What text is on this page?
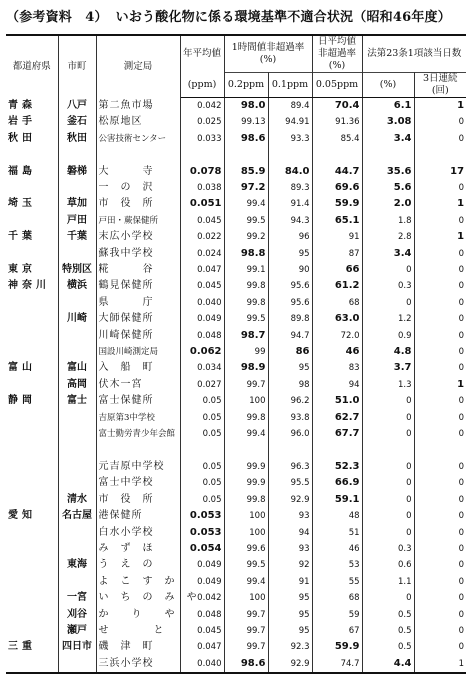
（参考資料　4） いおう酸化物に係る環境基準不適合状況（昭和46年度）
都道府県	市町	測定局	年平均値	1時間値非超過率
(%)		日平均値非超過率
(%)	法第23条1項該当日数	
			(ppm)	0.2ppm	0.1ppm	0.05ppm	(%)	3日連続
(回)
青森	八戸	第二魚市場	0.042	98.0	89.4	70.4	6.1	1
岩手	釜石	松原地区	0.025	99.13	94.91	91.36	3.08	0
秋田	秋田	公害技術センター	0.033	98.6	93.3	85.4	3.4	0

福島	磐梯	大　　　寺	0.078	85.9	84.0	44.7	35.6	17
		一　の　沢	0.038	97.2	89.3	69.6	5.6	0
埼玉	草加	市　役　所	0.051	99.4	91.4	59.9	2.0	1
	戸田	戸田・蕨保健所	0.045	99.5	94.3	65.1	1.8	0
千葉	千葉	末広小学校	0.022	99.2	96	91	2.8	1
		蘇我中学校	0.024	98.8	95	87	3.4	0
東京	特別区	糀　　　谷	0.047	99.1	90	66	0	0
神奈川	横浜	鶴見保健所	0.045	99.8	95.6	61.2	0.3	0
		県　　　庁	0.040	99.8	95.6	68	0	0
	川崎	大師保健所	0.049	99.5	89.8	63.0	1.2	0
		川崎保健所	0.048	98.7	94.7	72.0	0.9	0
		国設川崎測定局	0.062	99	86	46	4.8	0
富山	富山	入　船　町	0.034	98.9	95	83	3.7	0
	高岡	伏木一宮	0.027	99.7	98	94	1.3	1
静岡	富士	富士保健所	0.05	100	96.2	51.0	0	0
		吉原第3中学校	0.05	99.8	93.8	62.7	0	0
		富士勤労青少年会館	0.05	99.4	96.0	67.7	0	0

		元吉原中学校	0.05	99.9	96.3	52.3	0	0
		富士中学校	0.05	99.9	95.5	66.9	0	0
	清水	市　役　所	0.05	99.8	92.9	59.1	0	0
愛知	名古屋	港保健所	0.053	100	93	48	0	0
		白水小学校	0.053	100	94	51	0	0
		み　ず　ほ	0.054	99.6	93	46	0.3	0
	東海	う　え　の	0.049	99.5	92	53	0.6	0
		よ　こ　す　か	0.049	99.4	91	55	1.1	0
	一宮	い　ち　の　み　や	0.042	100	95	68	0	0
	刈谷	か　　り　　や	0.048	99.7	95	59	0.5	0
	瀬戸	せ　　　　と	0.045	99.7	95	67	0.5	0
三重	四日市	磯　津　町	0.047	99.7	92.3	59.9	0.5	0
		三浜小学校	0.040	98.6	92.9	74.7	4.4	1
